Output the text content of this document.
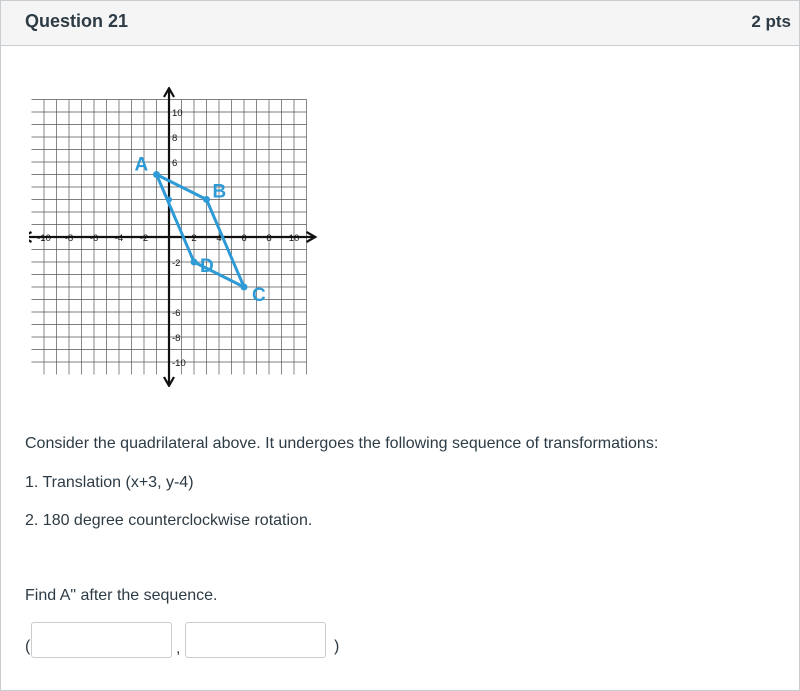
Question 21	2 pts
-10 -8 -6 -4 -2	2 4 6 8 10
10
8
6
-2
-6
-8
-10
A
B
C
D
Consider the quadrilateral above. It undergoes the following sequence of transformations:
1. Translation (x+3, y-4)
2. 180 degree counterclockwise rotation.
Find A" after the sequence.
(	,	)
